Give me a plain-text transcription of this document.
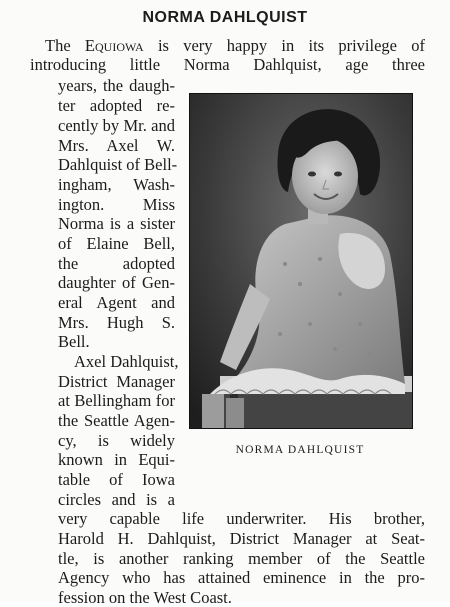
NORMA DAHLQUIST
The Equiowa is very happy in its privilege of
introducing little Norma Dahlquist, age three
years, the daugh-
ter adopted re-
cently by Mr. and
Mrs. Axel W.
Dahlquist of Bell-
ingham, Wash-
ington. Miss
Norma is a sister
of Elaine Bell,
the adopted
daughter of Gen-
eral Agent and
Mrs. Hugh S.
Bell.
Axel Dahlquist,
District Manager
at Bellingham for
the Seattle Agen-
cy, is widely
known in Equi-
table of Iowa
circles and is a
very capable life underwriter. His brother,
Harold H. Dahlquist, District Manager at Seat-
tle, is another ranking member of the Seattle
Agency who has attained eminence in the pro-
fession on the West Coast.
NORMA DAHLQUIST
